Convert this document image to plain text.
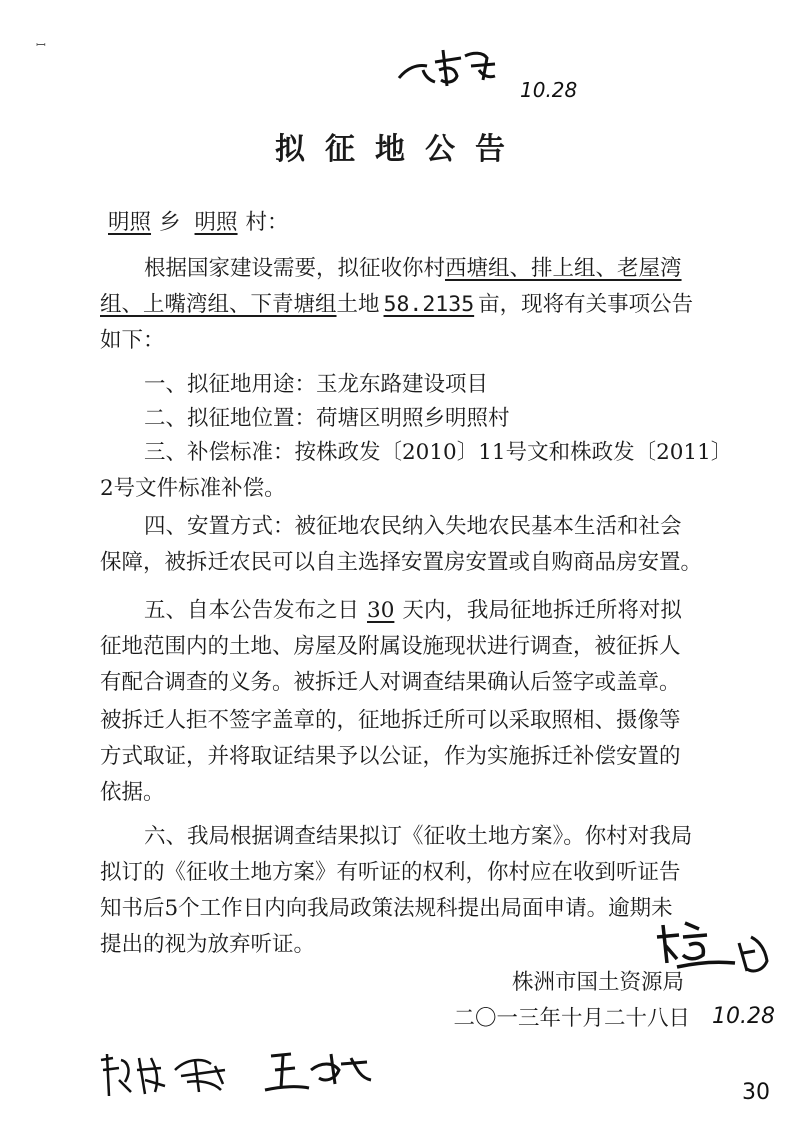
ꟷ
10.28
拟征地公告
明照 乡 明照 村：
根据国家建设需要，拟征收你村西塘组、排上组、老屋湾
组、上嘴湾组、下青塘组土地 58.2135 亩，现将有关事项公告
如下：
一、拟征地用途：玉龙东路建设项目
二、拟征地位置：荷塘区明照乡明照村
三、补偿标准：按株政发〔2010〕11号文和株政发〔2011〕
2号文件标准补偿。
四、安置方式：被征地农民纳入失地农民基本生活和社会
保障，被拆迁农民可以自主选择安置房安置或自购商品房安置。
五、自本公告发布之日 30 天内，我局征地拆迁所将对拟
征地范围内的土地、房屋及附属设施现状进行调查，被征拆人
有配合调查的义务。被拆迁人对调查结果确认后签字或盖章。
被拆迁人拒不签字盖章的，征地拆迁所可以采取照相、摄像等
方式取证，并将取证结果予以公证，作为实施拆迁补偿安置的
依据。
六、我局根据调查结果拟订《征收土地方案》。你村对我局
拟订的《征收土地方案》有听证的权利，你村应在收到听证告
知书后5个工作日内向我局政策法规科提出局面申请。逾期未
提出的视为放弃听证。
10.28
株洲市国土资源局
二〇一三年十月二十八日
30
